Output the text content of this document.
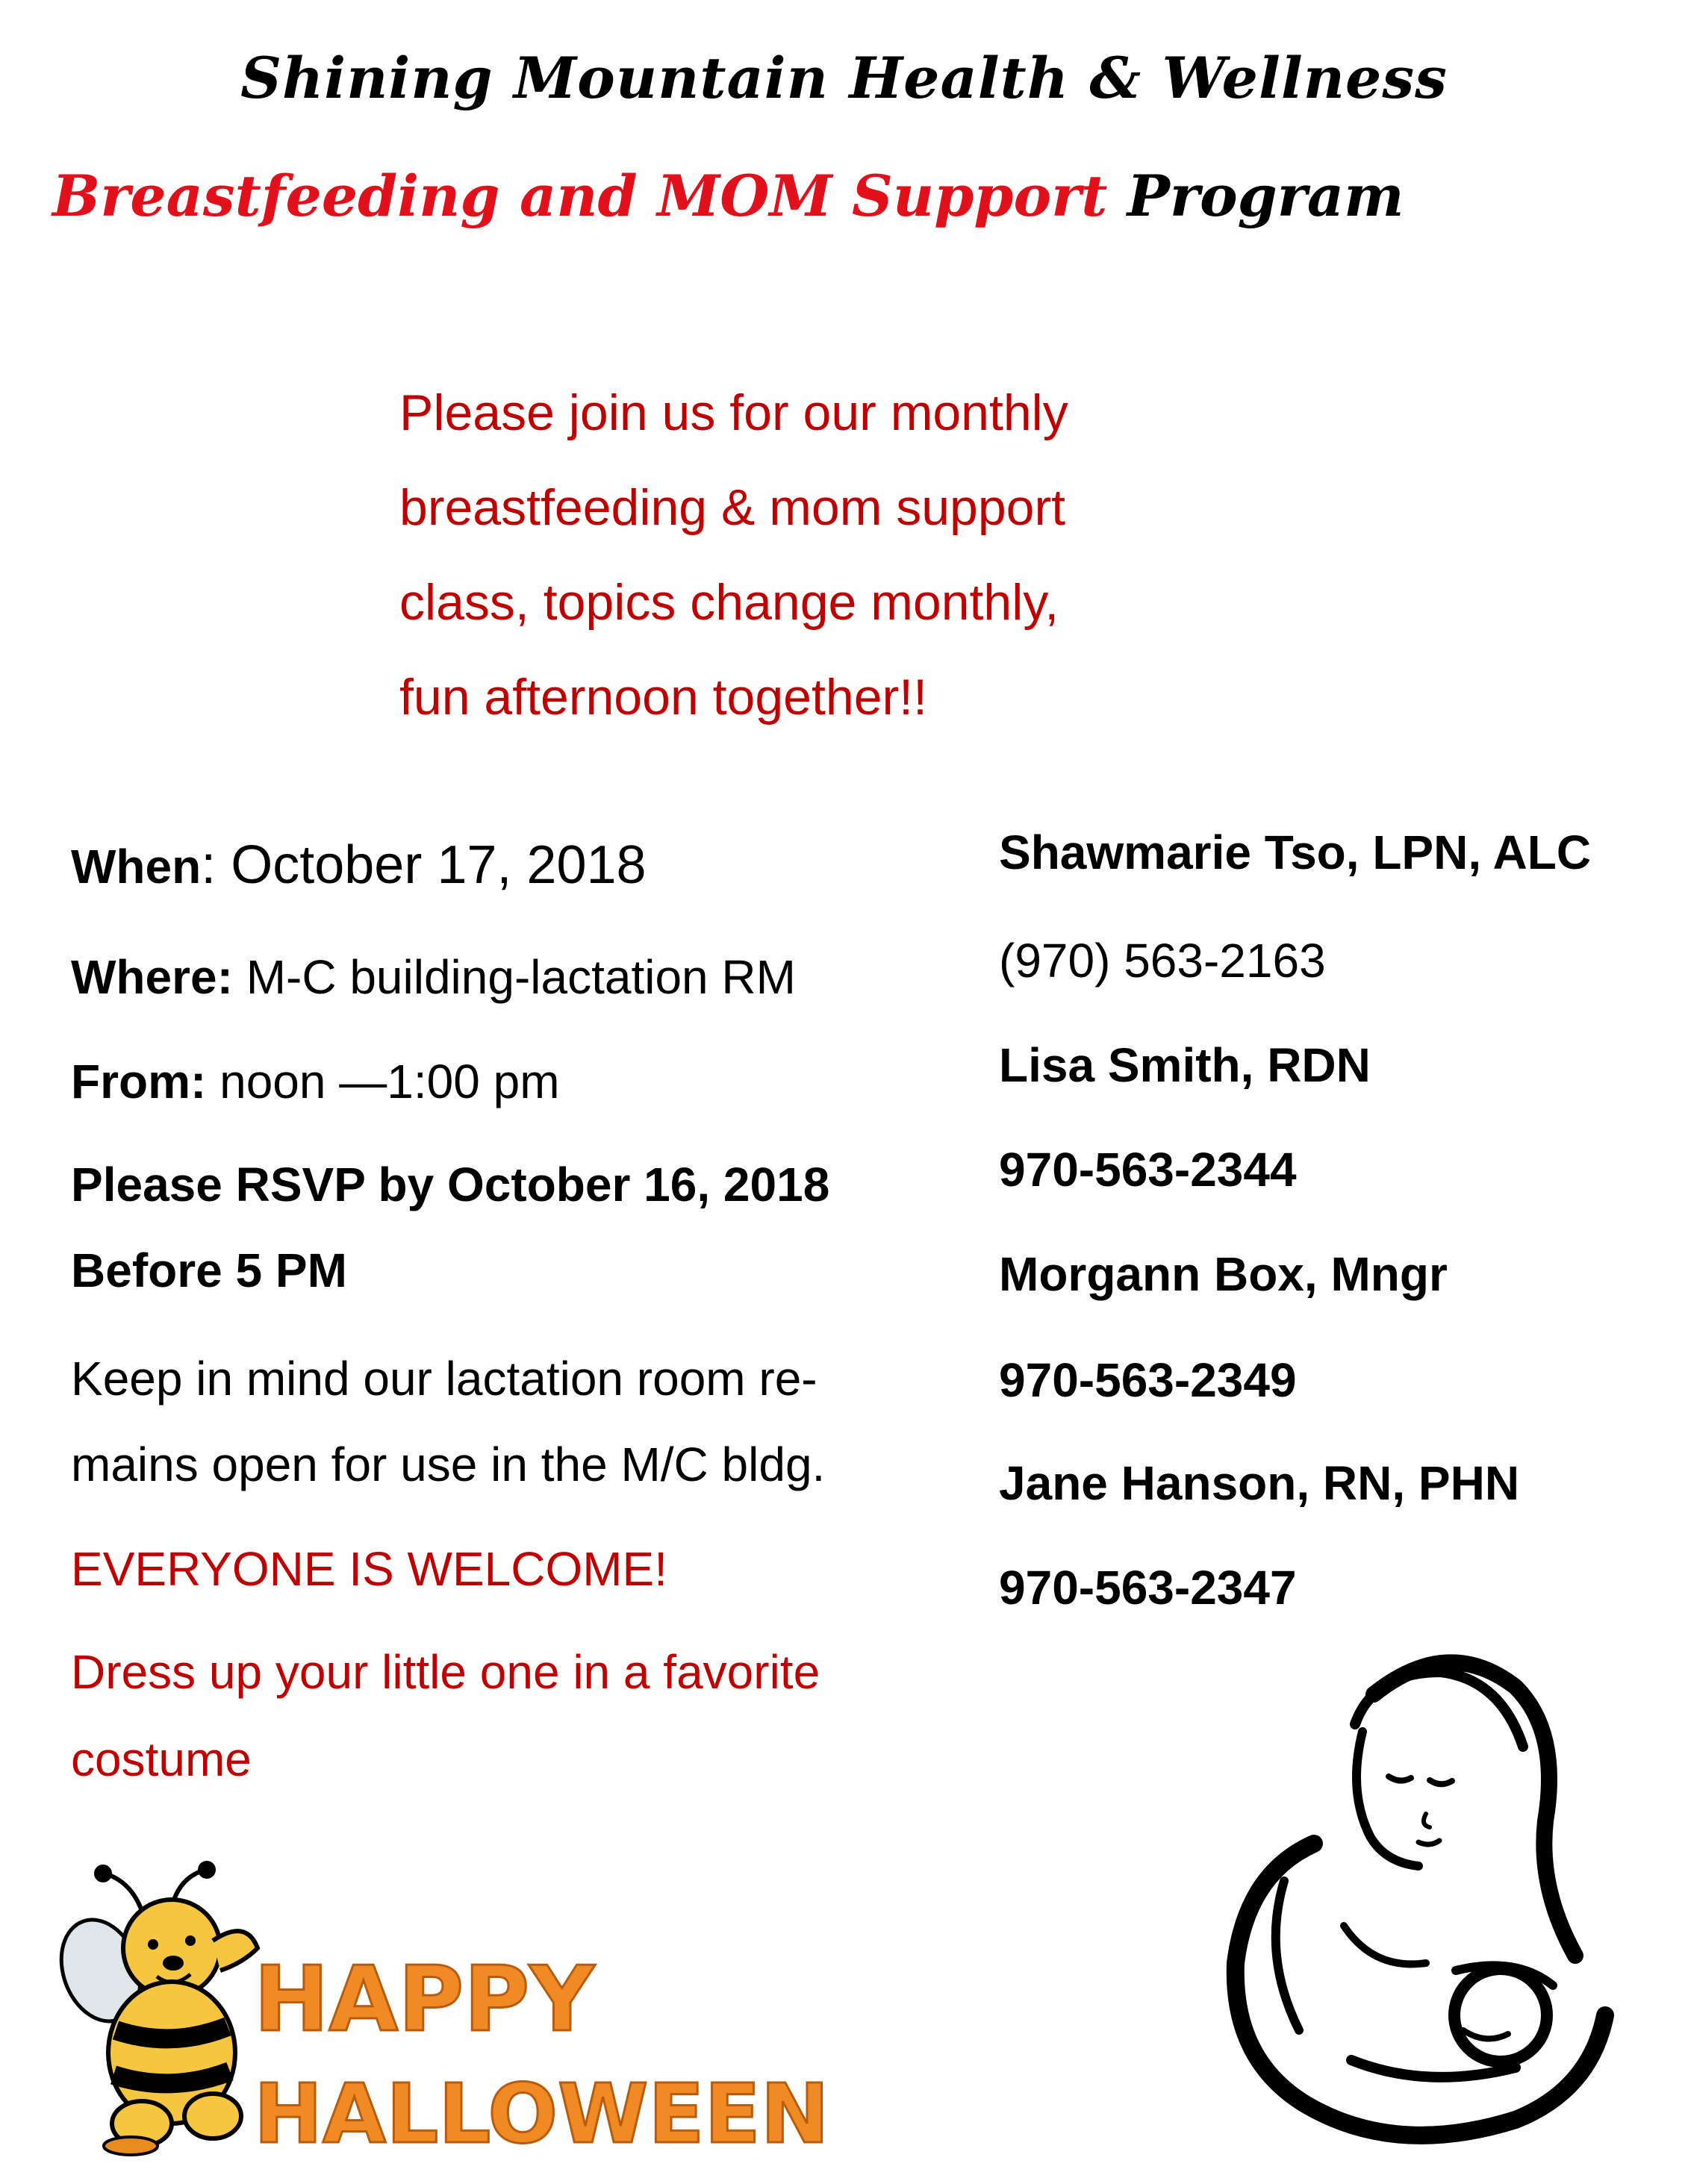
Shining Mountain Health & Wellness
Breastfeeding and MOM Support Program
Please join us for our monthly
breastfeeding & mom support
class, topics change monthly,
fun afternoon together!!
When: October 17, 2018
Where: M-C building-lactation RM
From: noon —1:00 pm
Please RSVP by October 16, 2018
Before 5 PM
Keep in mind our lactation room re-
mains open for use in the M/C bldg.
EVERYONE IS WELCOME!
Dress up your little one in a favorite
costume
Shawmarie Tso, LPN, ALC
(970) 563-2163
Lisa Smith, RDN
970-563-2344
Morgann Box, Mngr
970-563-2349
Jane Hanson, RN, PHN
970-563-2347
HAPPY
HALLOWEEN
